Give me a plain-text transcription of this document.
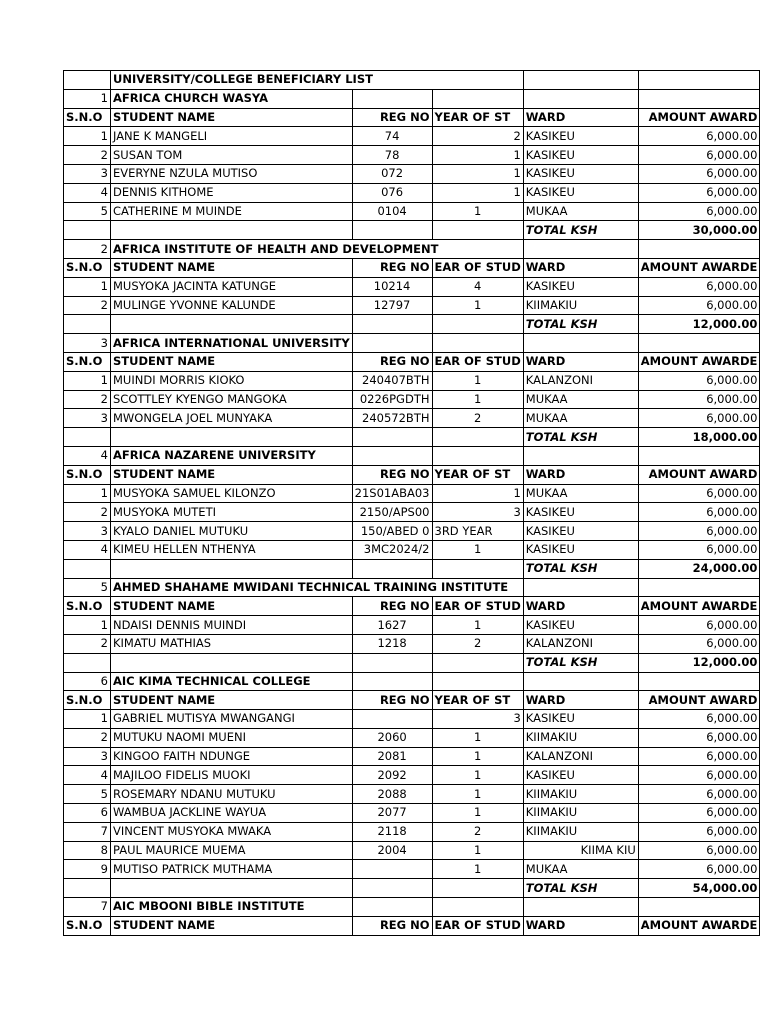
	UNIVERSITY/COLLEGE BENEFICIARY LIST				
1	AFRICA CHURCH WASYA				
S.N.O	STUDENT NAME	REG NO	YEAR OF ST	WARD	AMOUNT AWARD
1	JANE K MANGELI	74	2	KASIKEU	6,000.00
2	SUSAN TOM	78	1	KASIKEU	6,000.00
3	EVERYNE NZULA MUTISO	072	1	KASIKEU	6,000.00
4	DENNIS KITHOME	076	1	KASIKEU	6,000.00
5	CATHERINE M MUINDE	0104	1	MUKAA	6,000.00
				TOTAL KSH	30,000.00
2	AFRICA INSTITUTE OF HEALTH AND DEVELOPMENT				
S.N.O	STUDENT NAME	REG NO	EAR OF STUD	WARD	AMOUNT AWARDE
1	MUSYOKA JACINTA KATUNGE	10214	4	KASIKEU	6,000.00
2	MULINGE YVONNE KALUNDE	12797	1	KIIMAKIU	6,000.00
				TOTAL KSH	12,000.00
3	AFRICA INTERNATIONAL UNIVERSITY				
S.N.O	STUDENT NAME	REG NO	EAR OF STUD	WARD	AMOUNT AWARDE
1	MUINDI MORRIS KIOKO	240407BTH	1	KALANZONI	6,000.00
2	SCOTTLEY KYENGO MANGOKA	0226PGDTH	1	MUKAA	6,000.00
3	MWONGELA JOEL MUNYAKA	240572BTH	2	MUKAA	6,000.00
				TOTAL KSH	18,000.00
4	AFRICA NAZARENE UNIVERSITY				
S.N.O	STUDENT NAME	REG NO	YEAR OF ST	WARD	AMOUNT AWARD
1	MUSYOKA SAMUEL KILONZO	21S01ABA03	1	MUKAA	6,000.00
2	MUSYOKA MUTETI	2150/APS00	3	KASIKEU	6,000.00
3	KYALO DANIEL MUTUKU	150/ABED 0	3RD YEAR	KASIKEU	6,000.00
4	KIMEU HELLEN NTHENYA	3MC2024/2	1	KASIKEU	6,000.00
				TOTAL KSH	24,000.00
5	AHMED SHAHAME MWIDANI TECHNICAL TRAINING INSTITUTE				
S.N.O	STUDENT NAME	REG NO	EAR OF STUD	WARD	AMOUNT AWARDE
1	NDAISI DENNIS MUINDI	1627	1	KASIKEU	6,000.00
2	KIMATU MATHIAS	1218	2	KALANZONI	6,000.00
				TOTAL KSH	12,000.00
6	AIC KIMA TECHNICAL COLLEGE				
S.N.O	STUDENT NAME	REG NO	YEAR OF ST	WARD	AMOUNT AWARD
1	GABRIEL MUTISYA MWANGANGI		3	KASIKEU	6,000.00
2	MUTUKU NAOMI MUENI	2060	1	KIIMAKIU	6,000.00
3	KINGOO FAITH NDUNGE	2081	1	KALANZONI	6,000.00
4	MAJILOO FIDELIS MUOKI	2092	1	KASIKEU	6,000.00
5	ROSEMARY NDANU MUTUKU	2088	1	KIIMAKIU	6,000.00
6	WAMBUA JACKLINE WAYUA	2077	1	KIIMAKIU	6,000.00
7	VINCENT MUSYOKA MWAKA	2118	2	KIIMAKIU	6,000.00
8	PAUL MAURICE MUEMA	2004	1	KIIMA KIU	6,000.00
9	MUTISO PATRICK MUTHAMA		1	MUKAA	6,000.00
				TOTAL KSH	54,000.00
7	AIC MBOONI BIBLE INSTITUTE				
S.N.O	STUDENT NAME	REG NO	EAR OF STUD	WARD	AMOUNT AWARDE
